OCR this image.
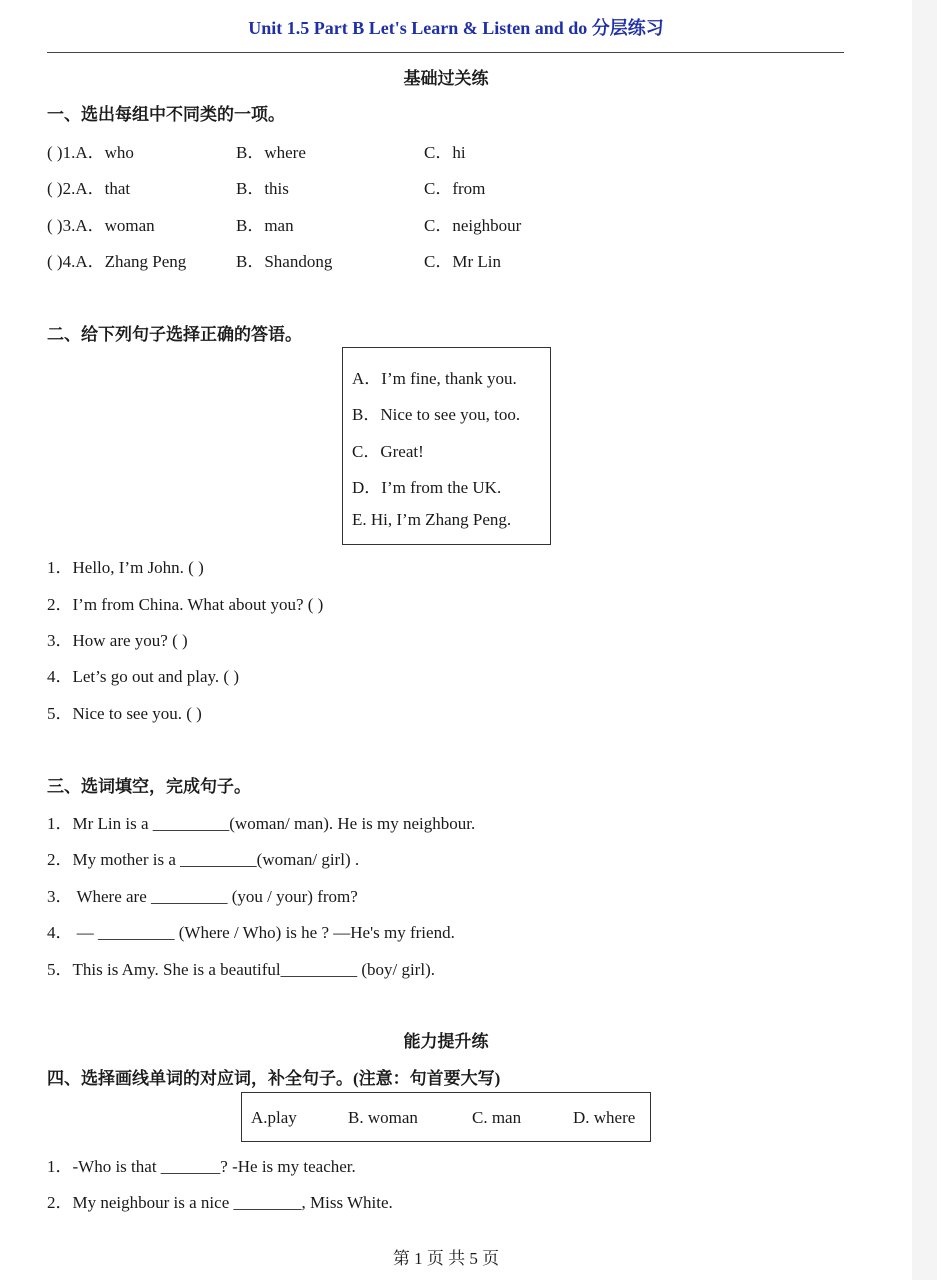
Unit 1.5 Part B Let's Learn & Listen and do 分层练习
基础过关练
一、选出每组中不同类的一项。
( )1.A．who	B．where	C．hi
( )2.A．that	B．this	C．from
( )3.A．woman	B．man	C．neighbour
( )4.A．Zhang Peng	B．Shandong	C．Mr Lin
二、给下列句子选择正确的答语。
A．I’m fine, thank you.
B．Nice to see you, too.
C．Great!
D．I’m from the UK.
E. Hi, I’m Zhang Peng.
1．Hello, I’m John. ( )
2．I’m from China. What about you? ( )
3．How are you? ( )
4．Let’s go out and play. ( )
5．Nice to see you. ( )
三、选词填空，完成句子。
1．Mr Lin is a _________(woman/ man). He is my neighbour.
2．My mother is a _________(woman/ girl) .
3． Where are _________ (you / your) from?
4． — _________ (Where / Who) is he ? —He's my friend.
5．This is Amy. She is a beautiful_________ (boy/ girl).
能力提升练
四、选择画线单词的对应词，补全句子。(注意：句首要大写)
A.play	B. woman	C. man	D. where
1．-Who is that _______? -He is my teacher.
2．My neighbour is a nice ________, Miss White.
第 1 页 共 5 页
